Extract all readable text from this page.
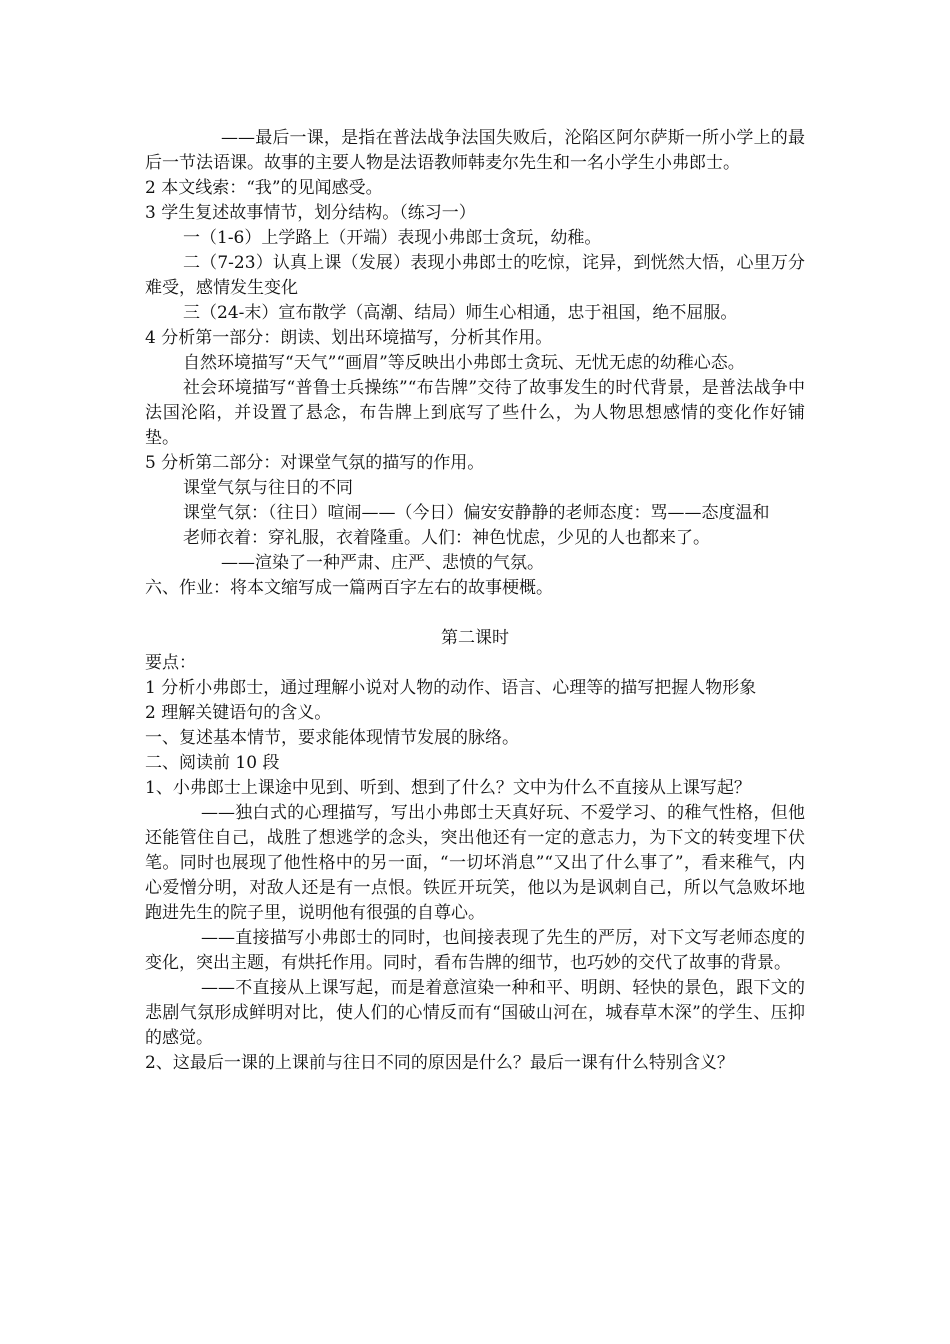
——最后一课，是指在普法战争法国失败后，沦陷区阿尔萨斯一所小学上的最后一节法语课。故事的主要人物是法语教师韩麦尔先生和一名小学生小弗郎士。

2 本文线索：“我”的见闻感受。

3 学生复述故事情节，划分结构。（练习一）

一（1-6）上学路上（开端）表现小弗郎士贪玩，幼稚。

二（7-23）认真上课（发展）表现小弗郎士的吃惊，诧异，到恍然大悟，心里万分难受，感情发生变化

三（24-末）宣布散学（高潮、结局）师生心相通，忠于祖国，绝不屈服。

4 分析第一部分：朗读、划出环境描写，分析其作用。

自然环境描写“天气”“画眉”等反映出小弗郎士贪玩、无忧无虑的幼稚心态。

社会环境描写“普鲁士兵操练”“布告牌”交待了故事发生的时代背景，是普法战争中法国沦陷，并设置了悬念，布告牌上到底写了些什么，为人物思想感情的变化作好铺垫。

5 分析第二部分：对课堂气氛的描写的作用。

课堂气氛与往日的不同

课堂气氛：（往日）喧闹——（今日）偏安安静静的老师态度：骂——态度温和

老师衣着：穿礼服，衣着隆重。人们：神色忧虑，少见的人也都来了。

——渲染了一种严肃、庄严、悲愤的气氛。

六、作业：将本文缩写成一篇两百字左右的故事梗概。

第二课时

要点：

1 分析小弗郎士，通过理解小说对人物的动作、语言、心理等的描写把握人物形象

2 理解关键语句的含义。

一、复述基本情节，要求能体现情节发展的脉络。

二、阅读前 10 段

1、小弗郎士上课途中见到、听到、想到了什么？文中为什么不直接从上课写起？

——独白式的心理描写，写出小弗郎士天真好玩、不爱学习、的稚气性格，但他还能管住自己，战胜了想逃学的念头，突出他还有一定的意志力，为下文的转变埋下伏笔。同时也展现了他性格中的另一面，“一切坏消息”“又出了什么事了”，看来稚气，内心爱憎分明，对敌人还是有一点恨。铁匠开玩笑，他以为是讽刺自己，所以气急败坏地跑进先生的院子里，说明他有很强的自尊心。

——直接描写小弗郎士的同时，也间接表现了先生的严厉，对下文写老师态度的变化，突出主题，有烘托作用。同时，看布告牌的细节，也巧妙的交代了故事的背景。

——不直接从上课写起，而是着意渲染一种和平、明朗、轻快的景色，跟下文的悲剧气氛形成鲜明对比，使人们的心情反而有“国破山河在，城春草木深”的学生、压抑的感觉。

2、这最后一课的上课前与往日不同的原因是什么？最后一课有什么特别含义？
